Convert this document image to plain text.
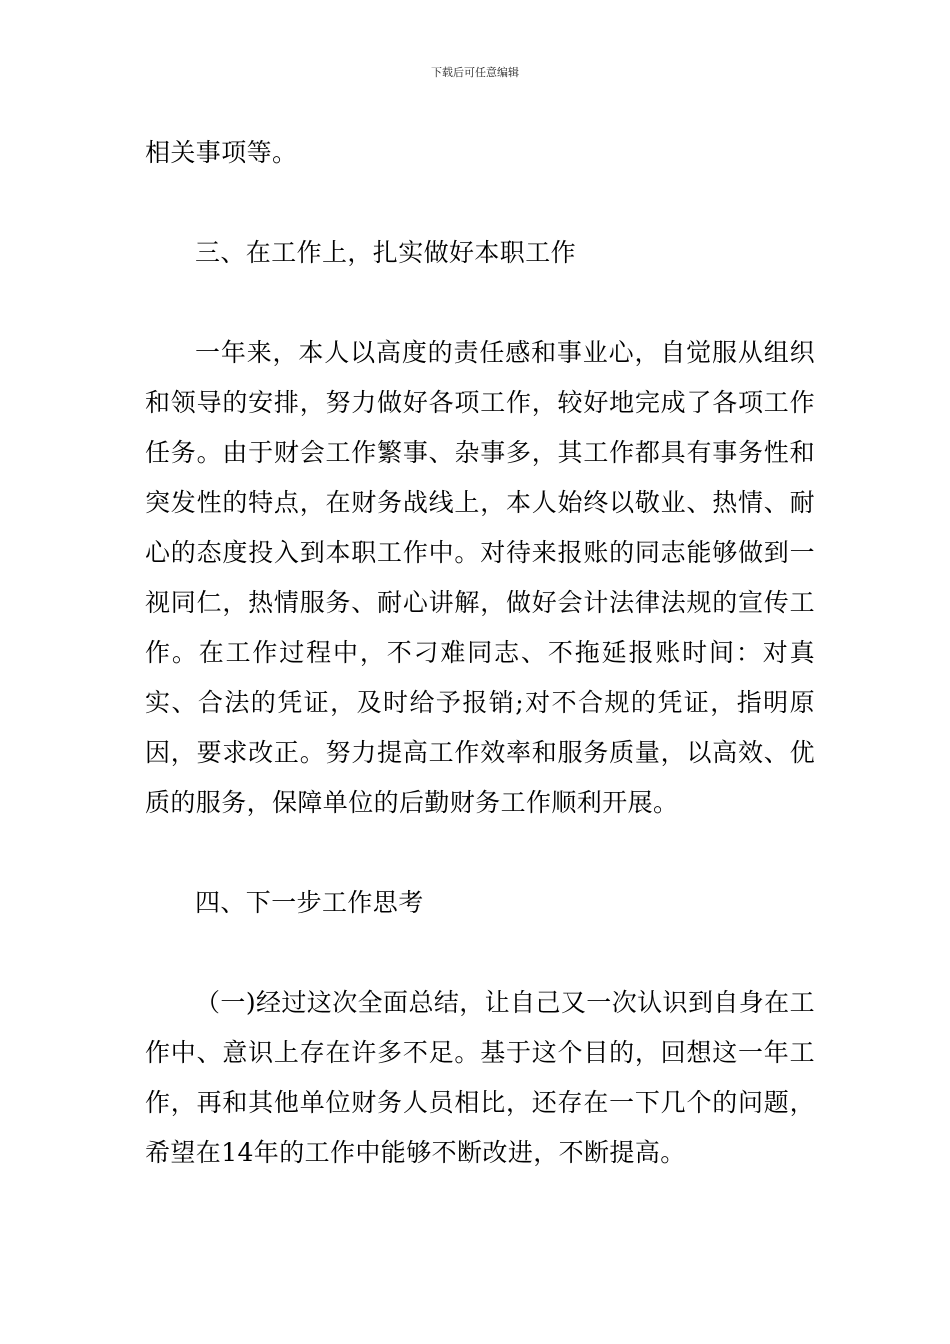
下载后可任意编辑

相关事项等。

三、在工作上，扎实做好本职工作

一年来，本人以高度的责任感和事业心，自觉服从组织和领导的安排，努力做好各项工作，较好地完成了各项工作任务。由于财会工作繁事、杂事多，其工作都具有事务性和突发性的特点，在财务战线上，本人始终以敬业、热情、耐心的态度投入到本职工作中。对待来报账的同志能够做到一视同仁，热情服务、耐心讲解，做好会计法律法规的宣传工作。在工作过程中，不刁难同志、不拖延报账时间：对真实、合法的凭证，及时给予报销;对不合规的凭证，指明原因，要求改正。努力提高工作效率和服务质量，以高效、优质的服务，保障单位的后勤财务工作顺利开展。

四、下一步工作思考

（一)经过这次全面总结，让自己又一次认识到自身在工作中、意识上存在许多不足。基于这个目的，回想这一年工作，再和其他单位财务人员相比，还存在一下几个的问题，希望在14年的工作中能够不断改进，不断提高。
